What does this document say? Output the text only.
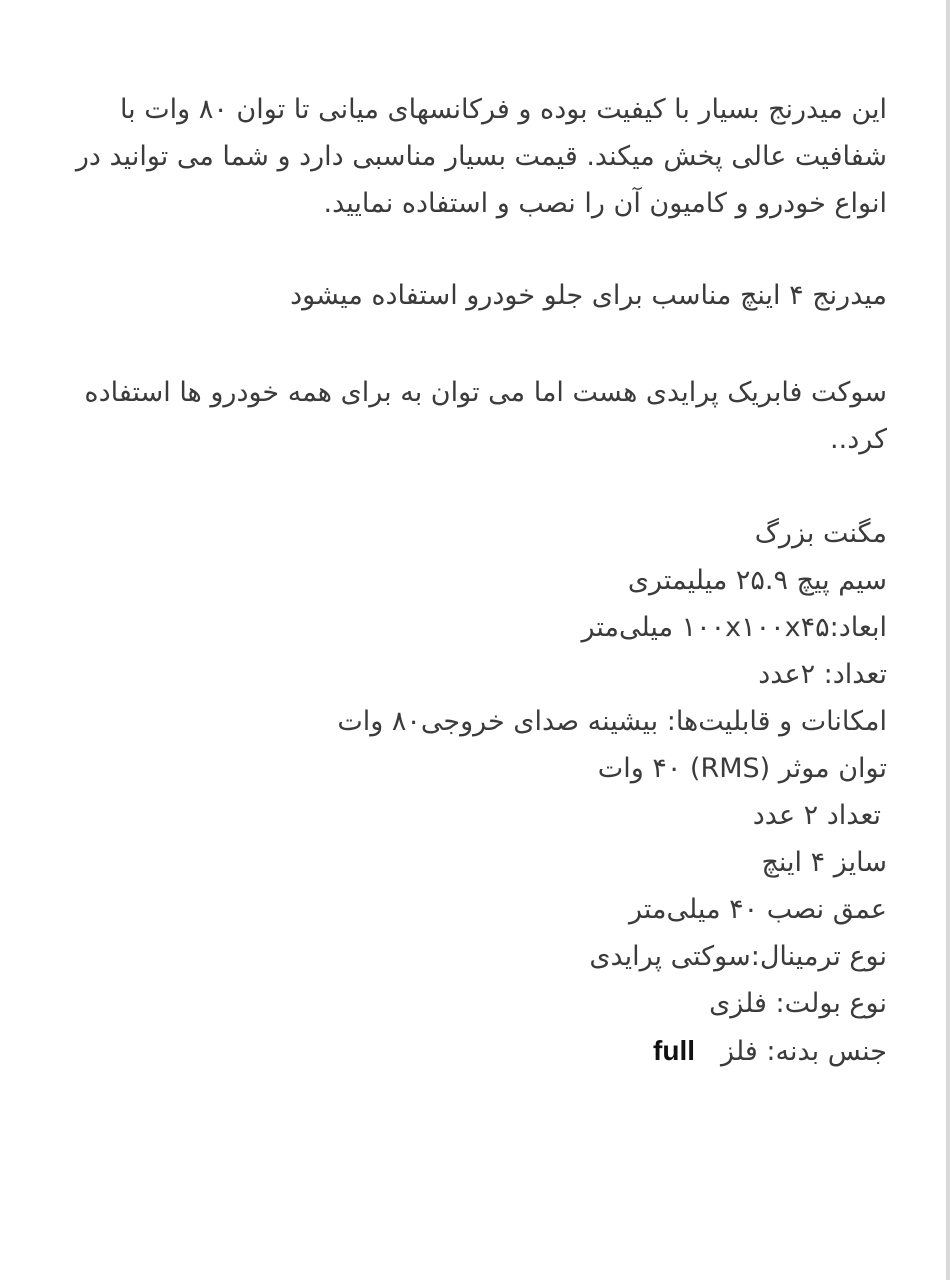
این میدرنج بسیار با کیفیت بوده و فرکانسهای میانی تا توان ۸۰ وات با شفافیت عالی پخش میکند. قیمت بسیار مناسبی دارد و شما می توانید در انواع خودرو و کامیون آن را نصب و استفاده نمایید.

میدرنج ۴ اینچ مناسب برای جلو خودرو استفاده میشود

سوکت فابریک پرایدی هست اما می توان به برای همه خودرو ها استفاده کرد..

مگنت بزرگ
سیم پیچ ۲۵.۹ میلیمتری
ابعاد:۱۰۰x۱۰۰x۴۵ میلی‌متر
تعداد: ۲عدد
امکانات و قابلیت‌ها: بیشینه صدای خروجی۸۰ وات
توان موثر (RMS) ۴۰ وات
تعداد ۲ عدد
سایز ۴ اینچ
عمق نصب ۴۰ میلی‌متر
نوع ترمینال:سوکتی پرایدی
نوع بولت: فلزی
جنس بدنه: فلزfull
